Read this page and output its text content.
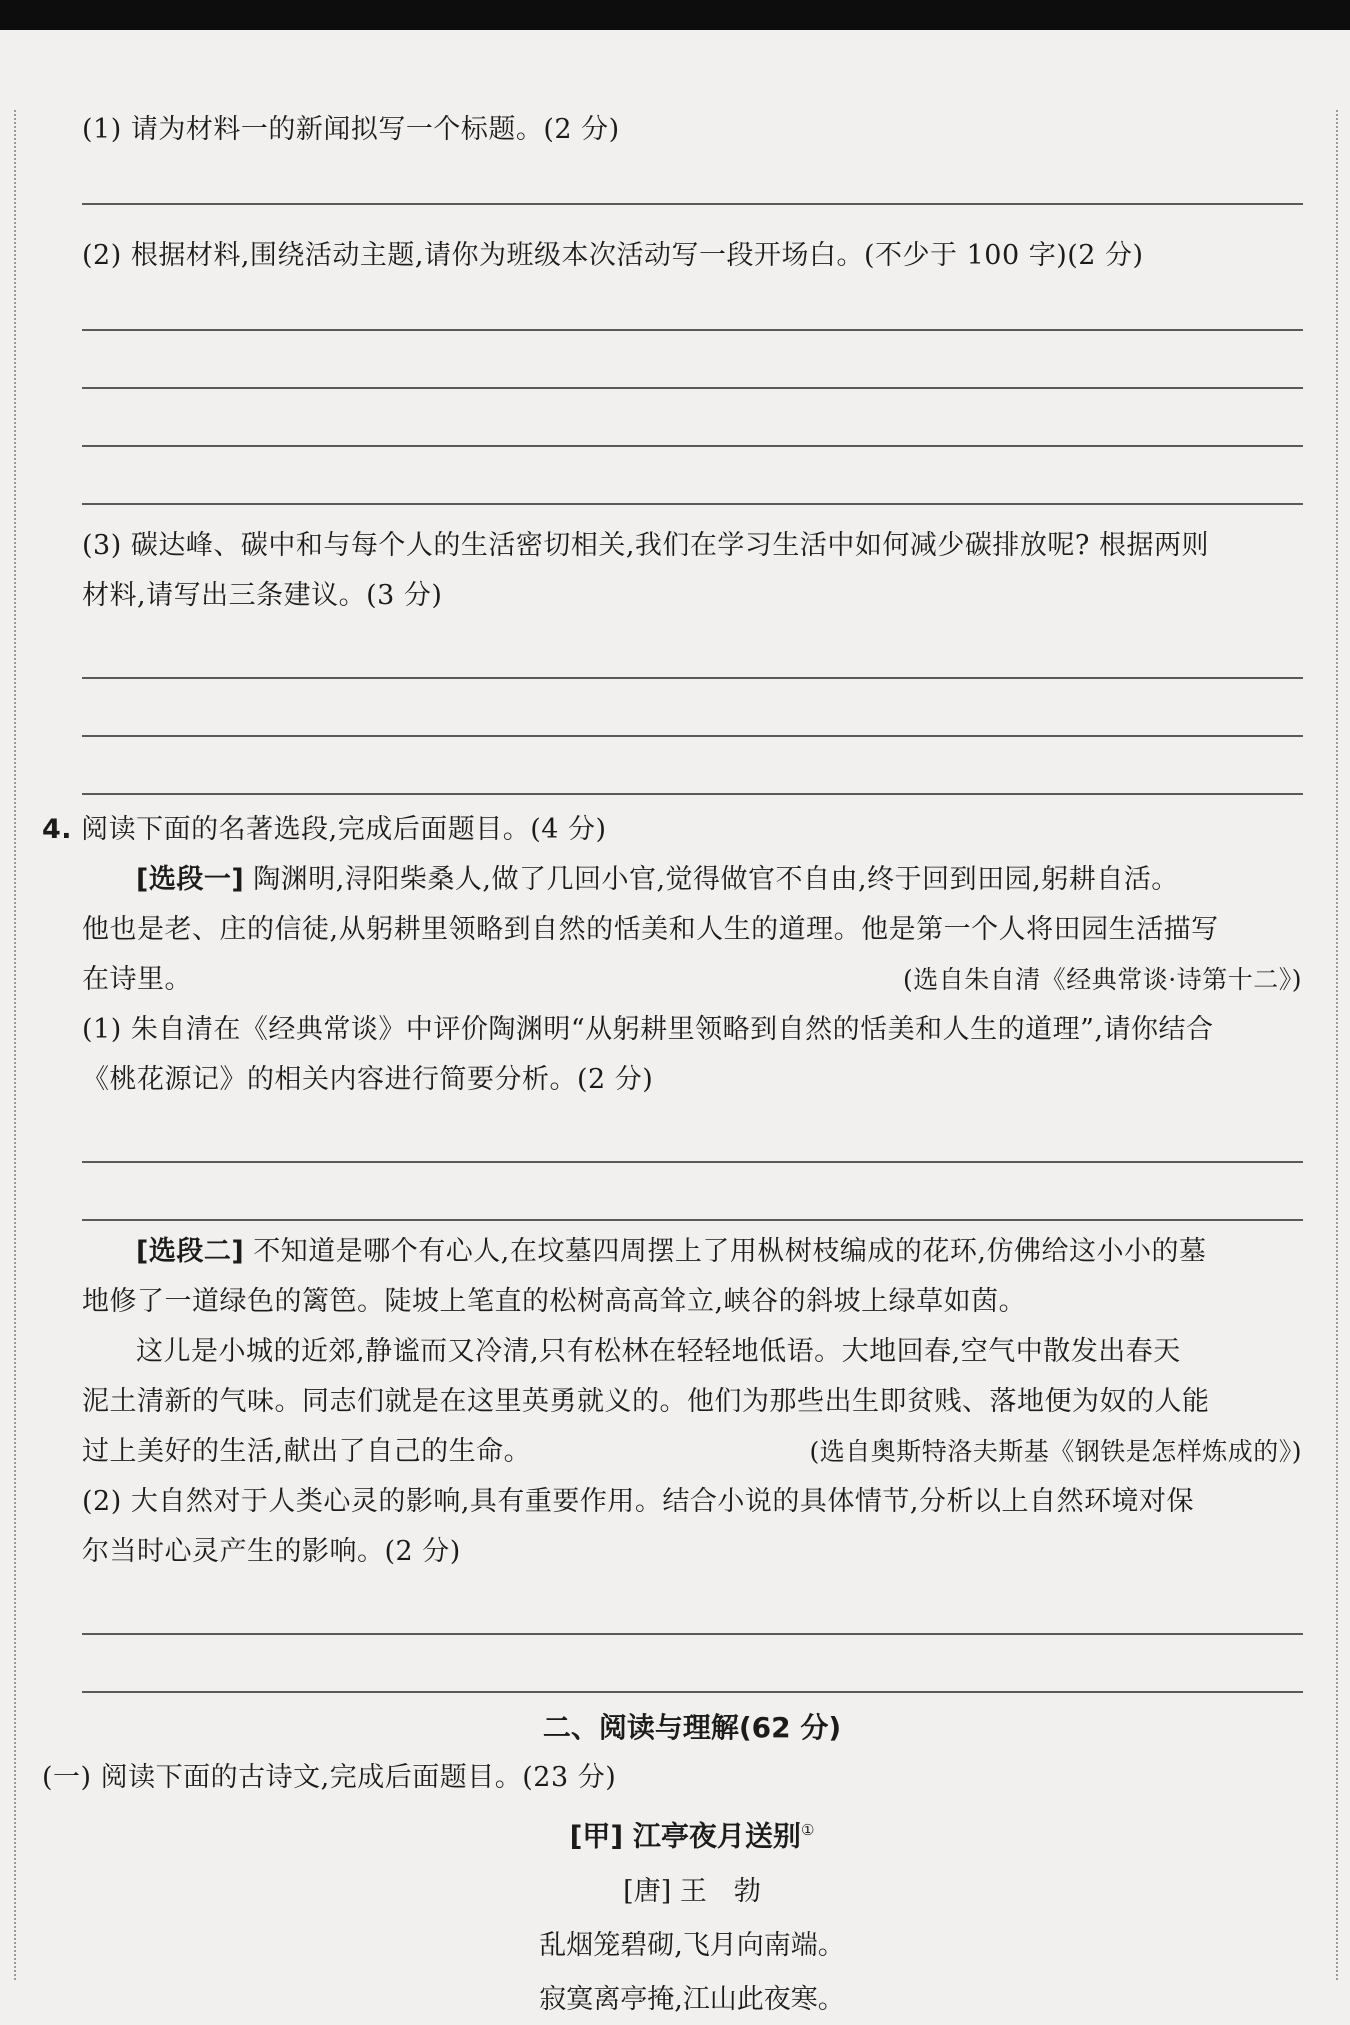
(1) 请为材料一的新闻拟写一个标题。(2 分)
(2) 根据材料,围绕活动主题,请你为班级本次活动写一段开场白。(不少于 100 字)(2 分)
(3) 碳达峰、碳中和与每个人的生活密切相关,我们在学习生活中如何减少碳排放呢? 根据两则
材料,请写出三条建议。(3 分)
4. 阅读下面的名著选段,完成后面题目。(4 分)
[选段一] 陶渊明,浔阳柴桑人,做了几回小官,觉得做官不自由,终于回到田园,躬耕自活。
他也是老、庄的信徒,从躬耕里领略到自然的恬美和人生的道理。他是第一个人将田园生活描写
在诗里。	(选自朱自清《经典常谈·诗第十二》)
(1) 朱自清在《经典常谈》中评价陶渊明“从躬耕里领略到自然的恬美和人生的道理”,请你结合
《桃花源记》的相关内容进行简要分析。(2 分)
[选段二] 不知道是哪个有心人,在坟墓四周摆上了用枞树枝编成的花环,仿佛给这小小的墓
地修了一道绿色的篱笆。陡坡上笔直的松树高高耸立,峡谷的斜坡上绿草如茵。
这儿是小城的近郊,静谧而又冷清,只有松林在轻轻地低语。大地回春,空气中散发出春天
泥土清新的气味。同志们就是在这里英勇就义的。他们为那些出生即贫贱、落地便为奴的人能
过上美好的生活,献出了自己的生命。	(选自奥斯特洛夫斯基《钢铁是怎样炼成的》)
(2) 大自然对于人类心灵的影响,具有重要作用。结合小说的具体情节,分析以上自然环境对保
尔当时心灵产生的影响。(2 分)
二、阅读与理解(62 分)
(一) 阅读下面的古诗文,完成后面题目。(23 分)
[甲] 江亭夜月送别①
[唐] 王　勃
乱烟笼碧砌,飞月向南端。
寂寞离亭掩,江山此夜寒。
